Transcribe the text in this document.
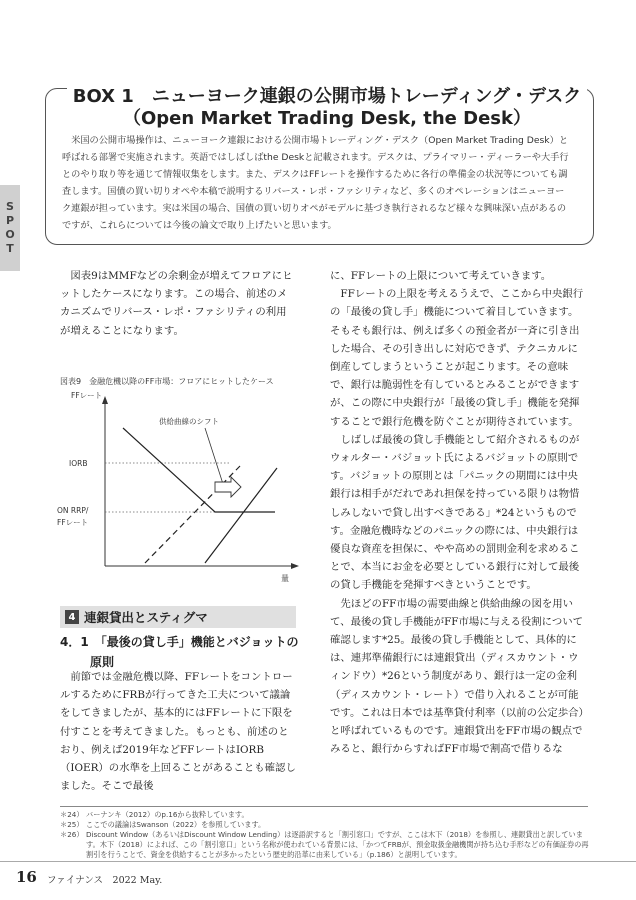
S
P
O
T
BOX 1　ニューヨーク連銀の公開市場トレーディング・デスク
（Open Market Trading Desk, the Desk）
米国の公開市場操作は、ニューヨーク連銀における公開市場トレーディング・デスク（Open Market Trading Desk）と呼ばれる部署で実施されます。英語ではしばしばthe Deskと記載されます。デスクは、プライマリー・ディーラーや大手行とのやり取り等を通じて情報収集をします。また、デスクはFFレートを操作するために各行の準備金の状況等についても調査します。国債の買い切りオペや本稿で説明するリバース・レポ・ファシリティなど、多くのオペレーションはニューヨーク連銀が担っています。実は米国の場合、国債の買い切りオペがモデルに基づき執行されるなど様々な興味深い点があるのですが、これらについては今後の論文で取り上げたいと思います。

図表9はMMFなどの余剰金が増えてフロアにヒットしたケースになります。この場合、前述のメカニズムでリバース・レポ・ファシリティの利用が増えることになります。

図表9　金融危機以降のFF市場：フロアにヒットしたケース
FFレート
量
IORB
ON RRP/
FFレート
供給曲線のシフト
4 連銀貸出とスティグマ
4．1　「最後の貸し手」機能とバジョットの
原則

前節では金融危機以降、FFレートをコントロールするためにFRBが行ってきた工夫について議論をしてきましたが、基本的にはFFレートに下限を付すことを考えてきました。もっとも、前述のとおり、例えば2019年などFFレートはIORB（IOER）の水準を上回ることがあることも確認しました。そこで最後

に、FFレートの上限について考えていきます。

FFレートの上限を考えるうえで、ここから中央銀行の「最後の貸し手」機能について着目していきます。そもそも銀行は、例えば多くの預金者が一斉に引き出した場合、その引き出しに対応できず、テクニカルに倒産してしまうということが起こります。その意味で、銀行は脆弱性を有しているとみることができますが、この際に中央銀行が「最後の貸し手」機能を発揮することで銀行危機を防ぐことが期待されています。

しばしば最後の貸し手機能として紹介されるものがウォルター・バジョット氏によるバジョットの原則です。バジョットの原則とは「パニックの期間には中央銀行は相手がだれであれ担保を持っている限りは物惜しみしないで貸し出すべきである」*24というものです。金融危機時などのパニックの際には、中央銀行は優良な資産を担保に、やや高めの罰則金利を求めることで、本当にお金を必要としている銀行に対して最後の貸し手機能を発揮すべきということです。

先ほどのFF市場の需要曲線と供給曲線の図を用いて、最後の貸し手機能がFF市場に与える役割について確認します*25。最後の貸し手機能として、具体的には、連邦準備銀行には連銀貸出（ディスカウント・ウィンドウ）*26という制度があり、銀行は一定の金利（ディスカウント・レート）で借り入れることが可能です。これは日本では基準貸付利率（以前の公定歩合）と呼ばれているものです。連銀貸出をFF市場の観点でみると、銀行からすればFF市場で割高で借りるな

＊24） バーナンキ（2012）のp.16から抜粋しています。
＊25） ここでの議論はSwanson（2022）を参照しています。
＊26） Discount Window（あるいはDiscount Window Lending）は逐語訳すると「割引窓口」ですが、ここは木下（2018）を参照し、連銀貸出と訳しています。木下（2018）によれば、この「割引窓口」という名称が使われている背景には、「かつてFRBが、預金取扱金融機関が持ち込む手形などの有価証券の再割引を行うことで、資金を供給することが多かったという歴史的沿革に由来している」（p.186）と説明しています。
16 ファイナンス　2022 May.
